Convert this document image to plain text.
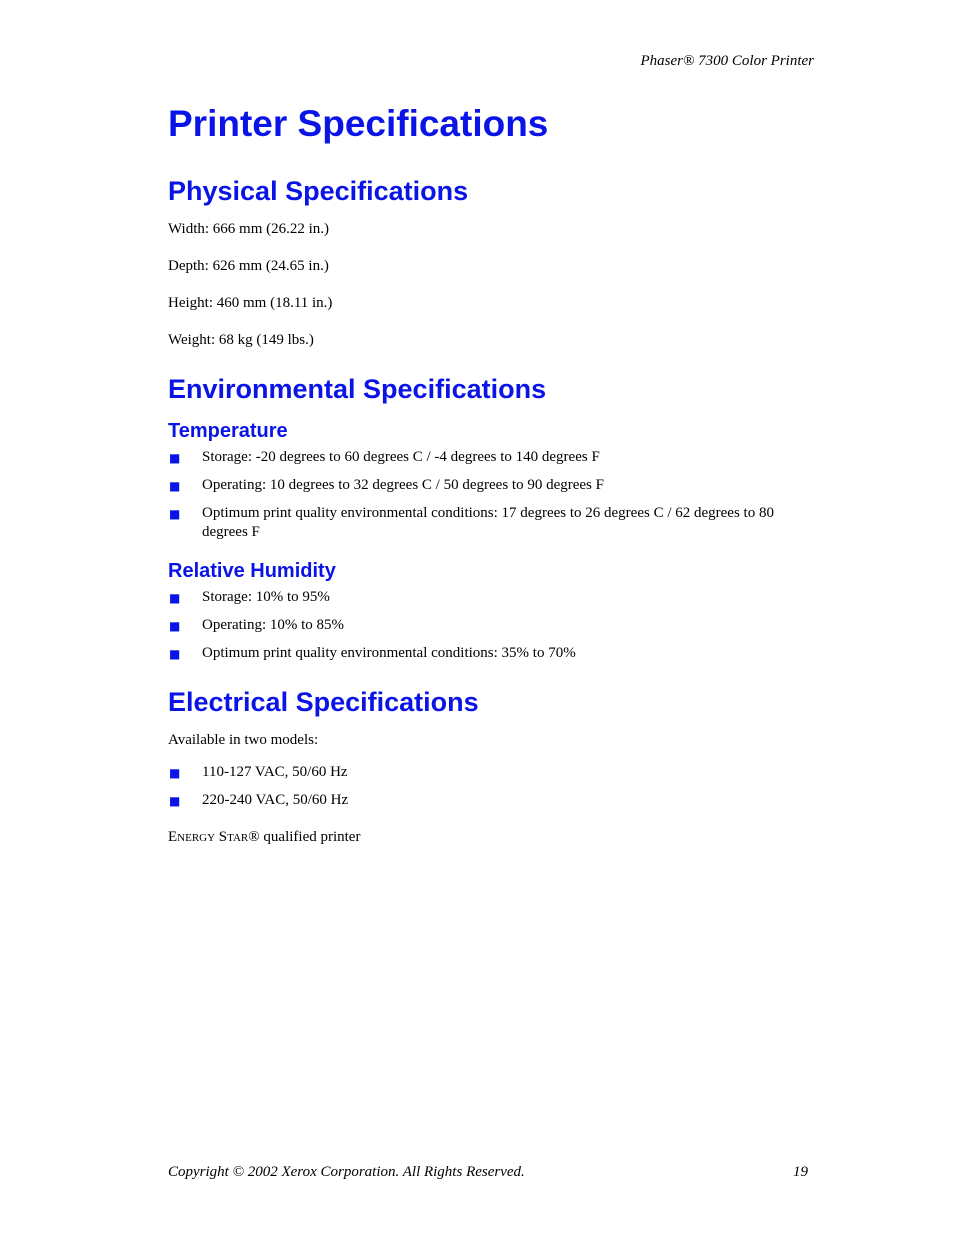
Phaser® 7300 Color Printer
Printer Specifications
Physical Specifications

Width: 666 mm (26.22 in.)

Depth: 626 mm (24.65 in.)

Height: 460 mm (18.11 in.)

Weight: 68 kg (149 lbs.)

Environmental Specifications
Temperature
■ Storage: -20 degrees to 60 degrees C / -4 degrees to 140 degrees F
■ Operating: 10 degrees to 32 degrees C / 50 degrees to 90 degrees F
■ Optimum print quality environmental conditions: 17 degrees to 26 degrees C / 62 degrees to 80 degrees F
Relative Humidity
■ Storage: 10% to 95%
■ Operating: 10% to 85%
■ Optimum print quality environmental conditions: 35% to 70%
Electrical Specifications

Available in two models:

■ 110-127 VAC, 50/60 Hz
■ 220-240 VAC, 50/60 Hz

Energy Star® qualified printer

Copyright © 2002 Xerox Corporation. All Rights Reserved.	19
